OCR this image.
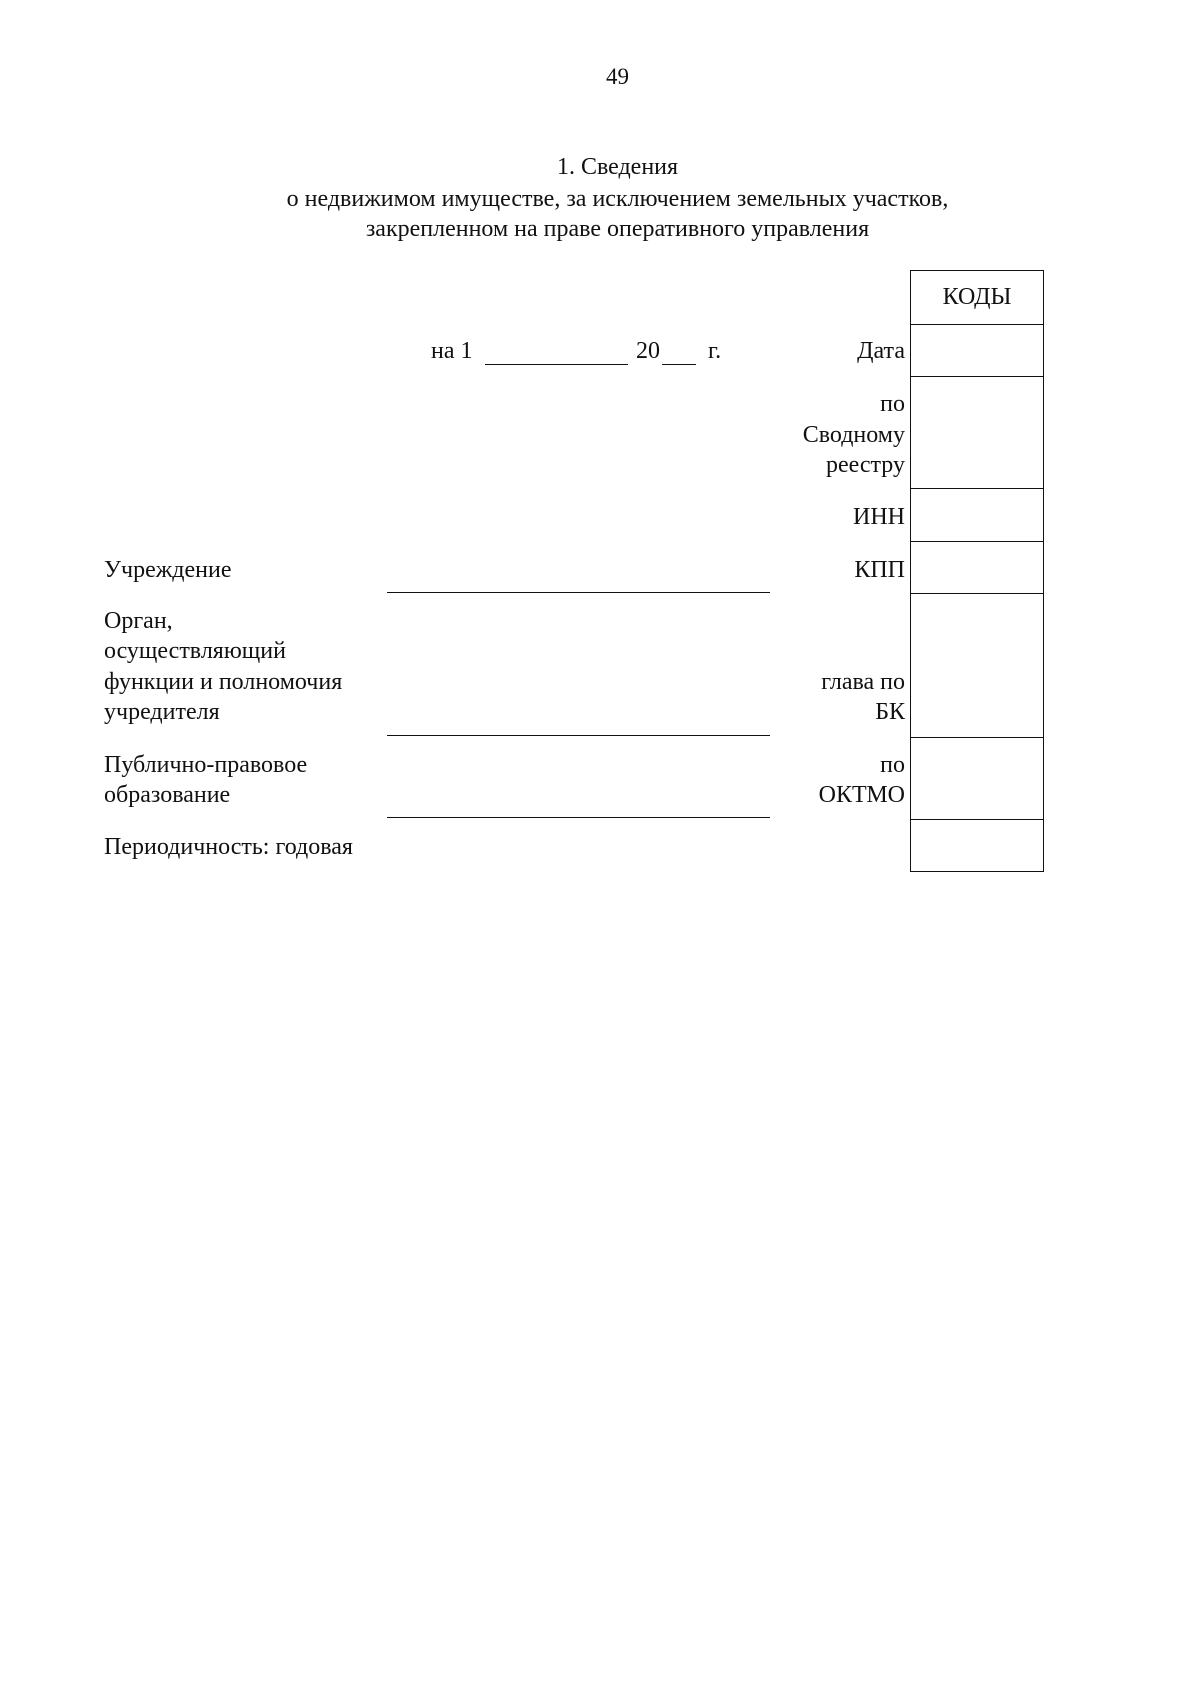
49
1. Сведения
о недвижимом имуществе, за исключением земельных участков,
закрепленном на праве оперативного управления
на 1	20 г.	Дата
по
Сводному
реестру
ИНН
КПП
глава по
БК
по
ОКТМО
КОДЫ
Учреждение
Орган,
осуществляющий
функции и полномочия
учредителя
Публично-правовое
образование
Периодичность: годовая
